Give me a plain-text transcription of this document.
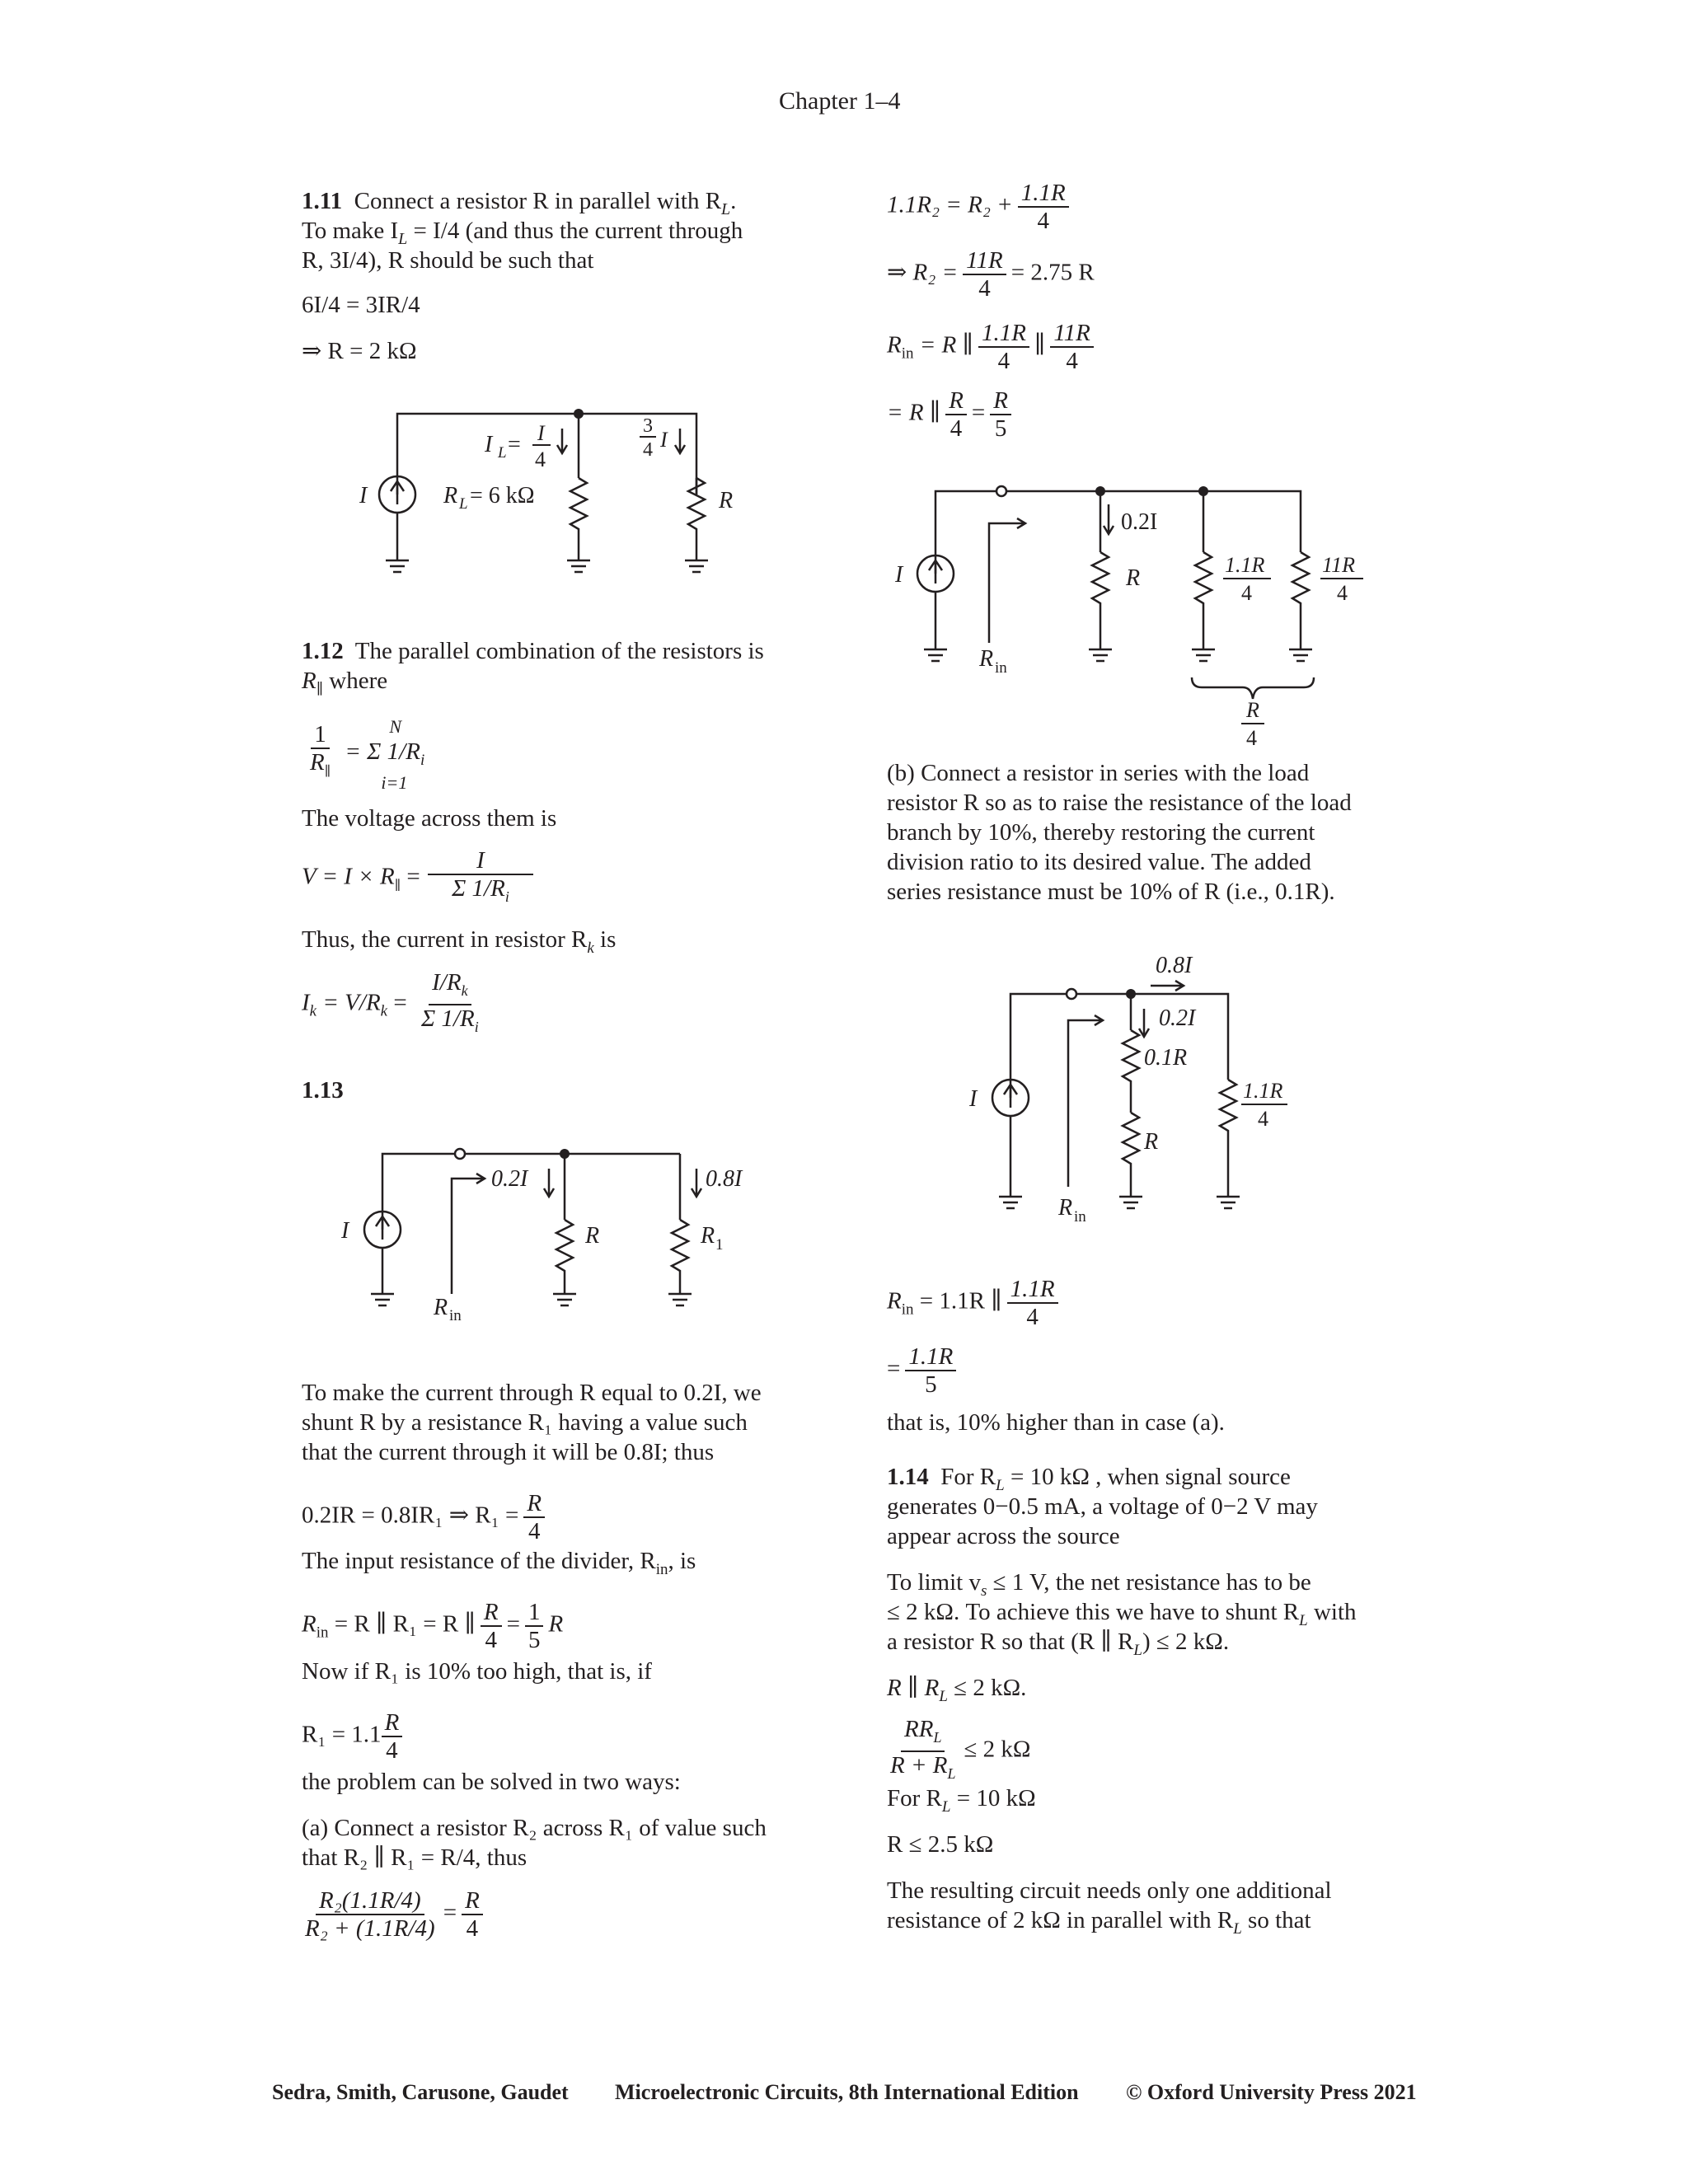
Chapter 1–4
1.11 Connect a resistor R in parallel with $R_L$.
To make $I_L = I/4$ (and thus the current through
R, 3I/4), R should be such that
6I/4 = 3IR/4
⇒ R = 2 kΩ
I
I L = I
4
3
4 I
R L = 6 kΩ	R
1.12 The parallel combination of the resistors is
$R_\parallel$ where
$\frac{1}{R_\parallel}$
	N
i=1
= Σ $1/R_i$
The voltage across them is
$V = I \times R_\parallel = \frac{I}{\Sigma 1/R_i}$
Thus, the current in resistor $R_k$ is
$I_k = V/R_k = \frac{I/R_k}{\Sigma 1/R_i}$
1.13
I
0.2I	0.8I
R	R 1
R in
To make the current through R equal to 0.2I, we
shunt R by a resistance R₁ having a value such
that the current through it will be 0.8I; thus
0.2IR = 0.8IR₁ ⇒ $R_1 = \frac{R}{4}$
The input resistance of the divider, $R_{in}$, is
$R_{in} = R$ ∥ R₁ = R ∥ $\frac{R}{4} = \frac{1}{5}$ R
Now if R₁ is 10% too high, that is, if
$R_1 = 1.1 \frac{R}{4}$
the problem can be solved in two ways:
(a) Connect a resistor R₂ across R₁ of value such
that R₂ ∥ R₁ = R/4, thus
$\frac{\text{R₂(1.1R/4)}}{\text{R₂ + (1.1R/4)}} = \frac{R}{4}$
$1.1R_2 = R_2 + \frac{1.1R}{4}$
⇒ $R_2 = \frac{11R}{4} = 2.75$ R
$R_{in} = R$ ∥ $\frac{1.1R}{4}$ ∥ $\frac{11R}{4}$
= R ∥ $\frac{R}{4} = \frac{R}{5}$
I
0.2I
R
1.1R
4
11R
4
R in
R
4
(b) Connect a resistor in series with the load
resistor R so as to raise the resistance of the load
branch by 10%, thereby restoring the current
division ratio to its desired value. The added
series resistance must be 10% of R (i.e., 0.1R).
I
0.8I
0.2I
0.1R
R
1.1R
4
R in
$R_{in} = 1.1R$ ∥ $\frac{1.1R}{4}$
= $\frac{1.1R}{5}$
that is, 10% higher than in case (a).
1.14 For $R_L = 10$ kΩ , when signal source
generates 0−0.5 mA, a voltage of 0−2 V may
appear across the source
To limit $v_s \le 1$ V, the net resistance has to be
≤ 2 kΩ. To achieve this we have to shunt $R_L$ with
a resistor R so that (R ∥ $R_L) \le 2$ kΩ.
R ∥ $R_L \le 2$ kΩ.
$\frac{RR_L}{R + R_L} \le 2$ kΩ
For $R_L = 10$ kΩ
R ≤ 2.5 kΩ
The resulting circuit needs only one additional
resistance of 2 kΩ in parallel with $R_L$ so that
Sedra, Smith, Carusone, Gaudet Microelectronic Circuits, 8th International Edition © Oxford University Press 2021
